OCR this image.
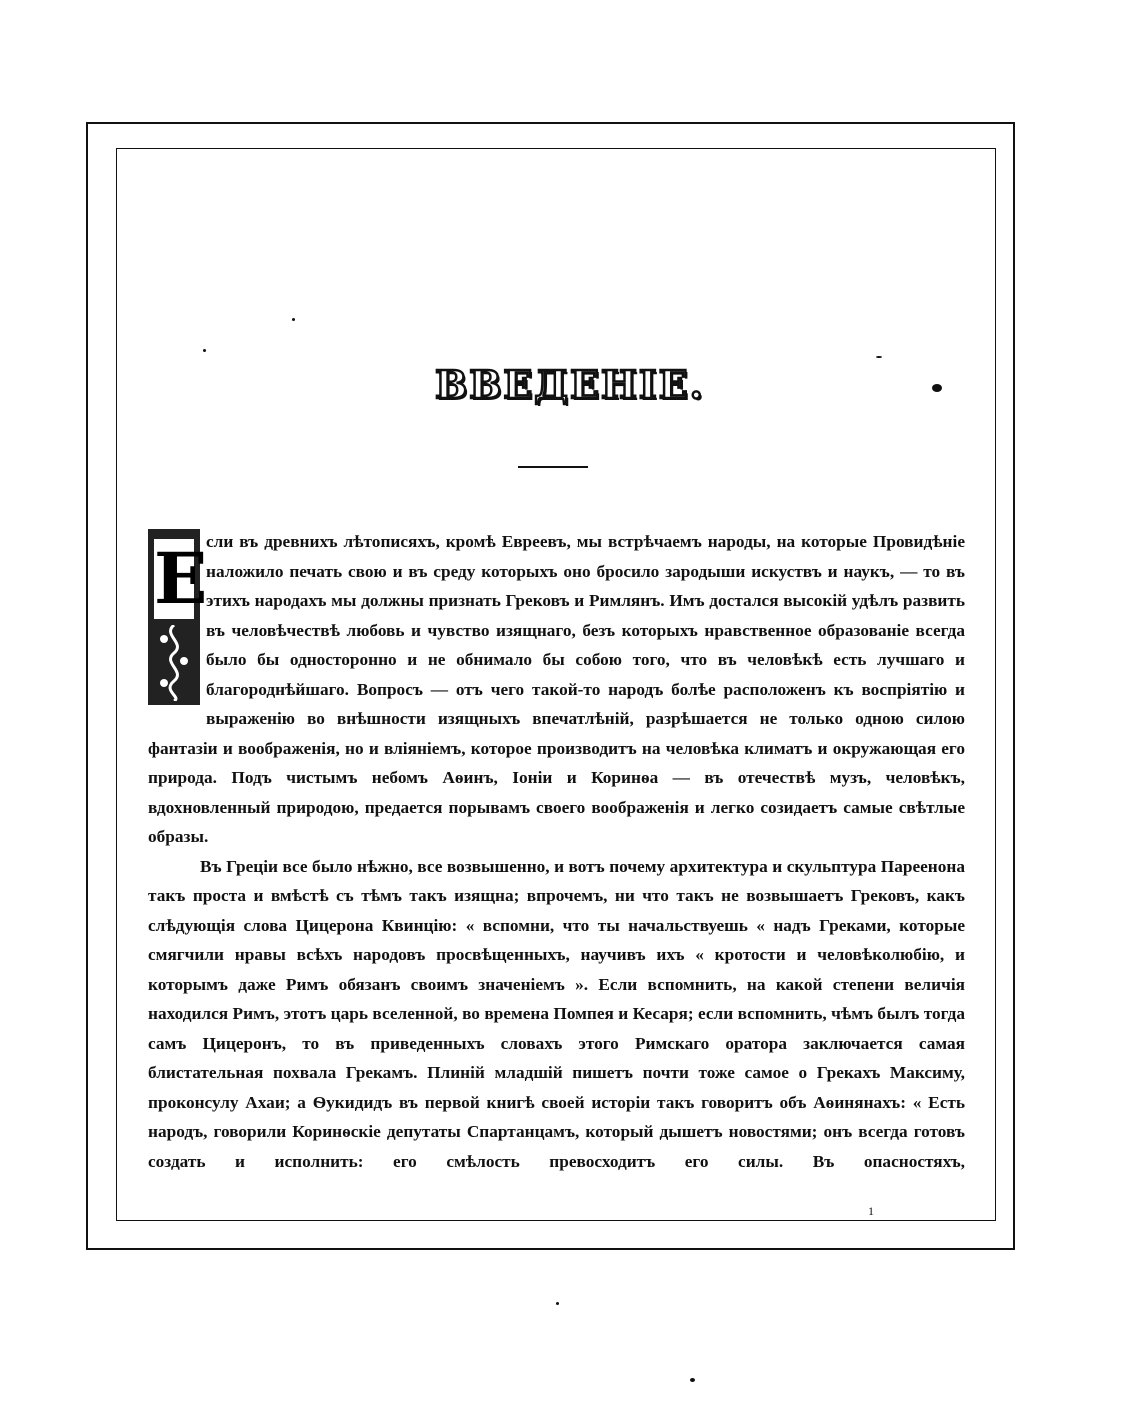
ВВЕДЕНІЕ.
Е

сли въ древнихъ лѣтописяхъ, кромѣ Евреевъ, мы встрѣчаемъ народы, на которые Провидѣніе наложило печать свою и въ среду которыхъ оно бросило зародыши искуствъ и наукъ, — то въ этихъ народахъ мы должны признать Грековъ и Римлянъ. Имъ достался высокій удѣлъ развить въ человѣчествѣ любовь и чувство изящнаго, безъ которыхъ нравственное образованіе всегда было бы односторонно и не обнимало бы собою того, что въ человѣкѣ есть лучшаго и благороднѣйшаго. Вопросъ — отъ чего такой-то народъ болѣе расположенъ къ воспріятію и выраженію во внѣшности изящныхъ впечатлѣній, разрѣшается не только одною силою фантазіи и воображенія, но и вліяніемъ, которое производитъ на человѣка климатъ и окружающая его природа. Подъ чистымъ небомъ Аѳинъ, Іоніи и Коринѳа — въ отечествѣ музъ, человѣкъ, вдохновленный природою, предается порывамъ своего воображенія и легко созидаетъ самые свѣтлые образы.

Въ Греціи все было нѣжно, все возвышенно, и вотъ почему архитектура и скульптура Пареенона такъ проста и вмѣстѣ съ тѣмъ такъ изящна; впрочемъ, ни что такъ не возвышаетъ Грековъ, какъ слѣдующія слова Цицерона Квинцію: « вспомни, что ты начальствуешь « надъ Греками, которые смягчили нравы всѣхъ народовъ просвѣщенныхъ, научивъ ихъ « кротости и человѣколюбію, и которымъ даже Римъ обязанъ своимъ значеніемъ ». Если вспомнить, на какой степени величія находился Римъ, этотъ царь вселенной, во времена Помпея и Кесаря; если вспомнить, чѣмъ былъ тогда самъ Цицеронъ, то въ приведенныхъ словахъ этого Римскаго оратора заключается самая блистательная похвала Грекамъ. Плиній младшій пишетъ почти тоже самое о Грекахъ Максиму, проконсулу Ахаи; а Ѳукидидъ въ первой книгѣ своей исторіи такъ говоритъ объ Аѳинянахъ: « Есть народъ, говорили Коринѳскіе депутаты Спартанцамъ, который дышетъ новостями; онъ всегда готовъ создать и исполнить: его смѣлость превосходитъ его силы. Въ опасностяхъ,

1
